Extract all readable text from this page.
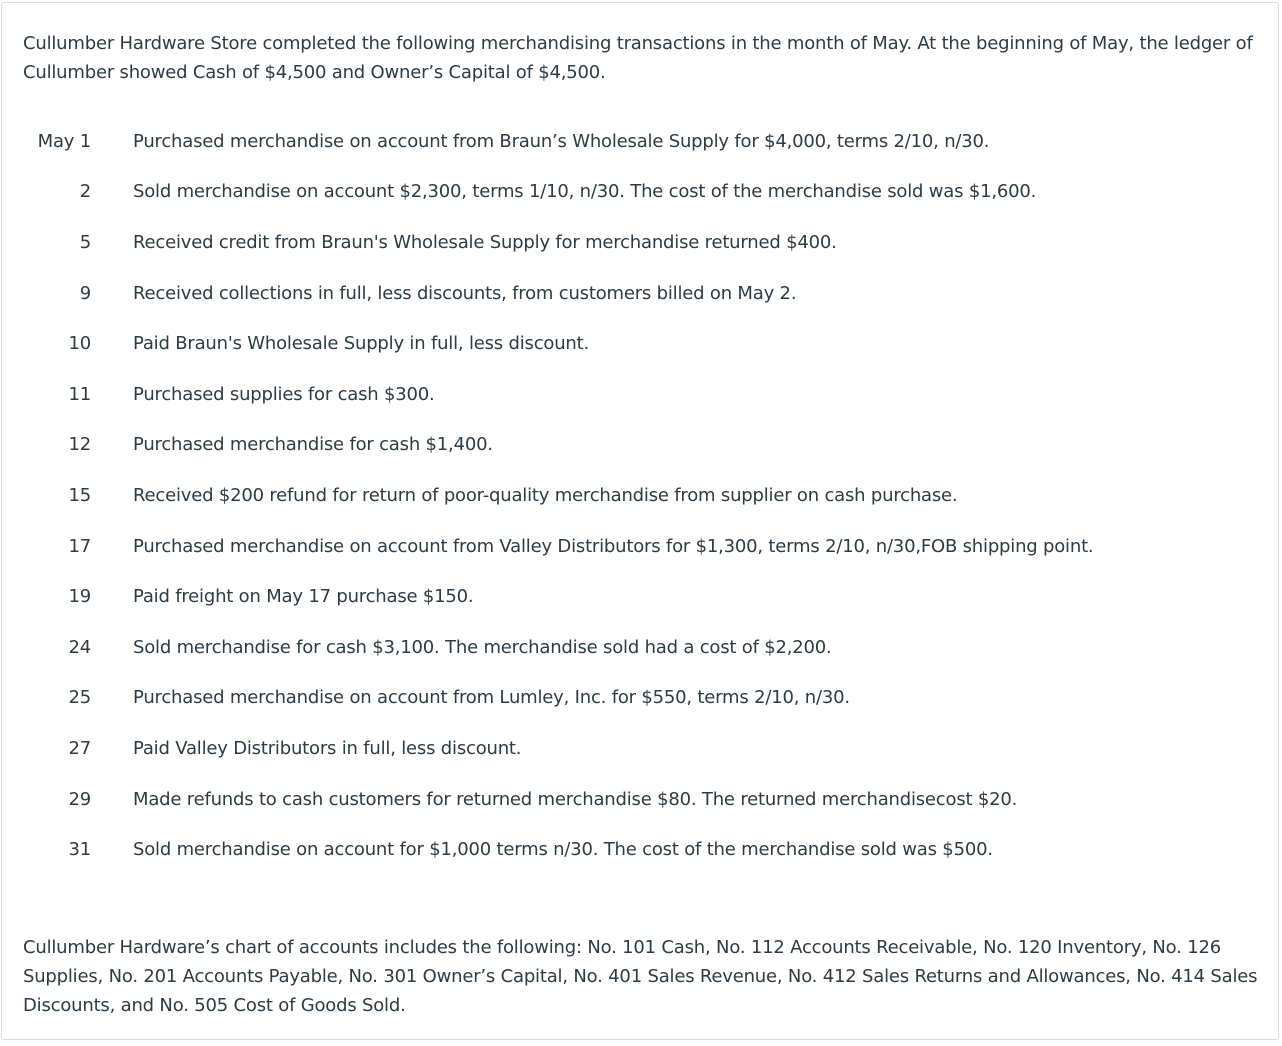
Cullumber Hardware Store completed the following merchandising transactions in the month of May. At the beginning of May, the ledger of Cullumber showed Cash of $4,500 and Owner’s Capital of $4,500.

May 1	Purchased merchandise on account from Braun’s Wholesale Supply for $4,000, terms 2/10, n/30.
2	Sold merchandise on account $2,300, terms 1/10, n/30. The cost of the merchandise sold was $1,600.
5	Received credit from Braun's Wholesale Supply for merchandise returned $400.
9	Received collections in full, less discounts, from customers billed on May 2.
10	Paid Braun's Wholesale Supply in full, less discount.
11	Purchased supplies for cash $300.
12	Purchased merchandise for cash $1,400.
15	Received $200 refund for return of poor-quality merchandise from supplier on cash purchase.
17	Purchased merchandise on account from Valley Distributors for $1,300, terms 2/10, n/30,FOB shipping point.
19	Paid freight on May 17 purchase $150.
24	Sold merchandise for cash $3,100. The merchandise sold had a cost of $2,200.
25	Purchased merchandise on account from Lumley, Inc. for $550, terms 2/10, n/30.
27	Paid Valley Distributors in full, less discount.
29	Made refunds to cash customers for returned merchandise $80. The returned merchandisecost $20.
31	Sold merchandise on account for $1,000 terms n/30. The cost of the merchandise sold was $500.

Cullumber Hardware’s chart of accounts includes the following: No. 101 Cash, No. 112 Accounts Receivable, No. 120 Inventory, No. 126 Supplies, No. 201 Accounts Payable, No. 301 Owner’s Capital, No. 401 Sales Revenue, No. 412 Sales Returns and Allowances, No. 414 Sales Discounts, and No. 505 Cost of Goods Sold.
